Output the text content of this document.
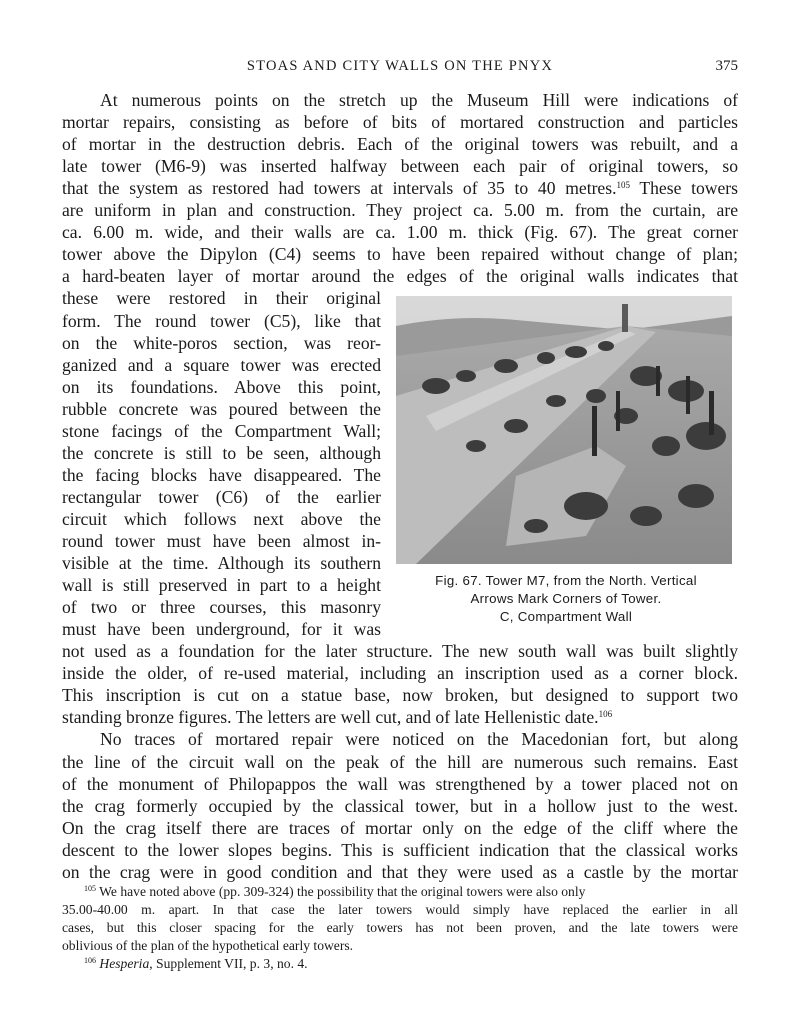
STOAS AND CITY WALLS ON THE PNYX	375
At numerous points on the stretch up the Museum Hill were indications of
mortar repairs, consisting as before of bits of mortared construction and particles
of mortar in the destruction debris. Each of the original towers was rebuilt, and a
late tower (M6-9) was inserted halfway between each pair of original towers, so
that the system as restored had towers at intervals of 35 to 40 metres.$^{105}$ These towers
are uniform in plan and construction. They project ca. 5.00 m. from the curtain, are
ca. 6.00 m. wide, and their walls are ca. 1.00 m. thick (Fig. 67). The great corner
tower above the Dipylon (C4) seems to have been repaired without change of plan;
a hard-beaten layer of mortar around the edges of the original walls indicates that
these were restored in their original
form. The round tower (C5), like that
on the white-poros section, was reor-
ganized and a square tower was erected
on its foundations. Above this point,
rubble concrete was poured between the
stone facings of the Compartment Wall;
the concrete is still to be seen, although
the facing blocks have disappeared. The
rectangular tower (C6) of the earlier
circuit which follows next above the
round tower must have been almost in-
visible at the time. Although its southern
wall is still preserved in part to a height
of two or three courses, this masonry
must have been underground, for it was
not used as a foundation for the later structure. The new south wall was built slightly
inside the older, of re-used material, including an inscription used as a corner block.
This inscription is cut on a statue base, now broken, but designed to support two
standing bronze figures. The letters are well cut, and of late Hellenistic date.$^{106}$
No traces of mortared repair were noticed on the Macedonian fort, but along
the line of the circuit wall on the peak of the hill are numerous such remains. East
of the monument of Philopappos the wall was strengthened by a tower placed not on
the crag formerly occupied by the classical tower, but in a hollow just to the west.
On the crag itself there are traces of mortar only on the edge of the cliff where the
descent to the lower slopes begins. This is sufficient indication that the classical works
on the crag were in good condition and that they were used as a castle by the mortar
Fig. 67. Tower M7, from the North. Vertical
Arrows Mark Corners of Tower.
C, Compartment Wall
$^{105}$ We have noted above (pp. 309-324) the possibility that the original towers were also only
35.00-40.00 m. apart. In that case the later towers would simply have replaced the earlier in all
cases, but this closer spacing for the early towers has not been proven, and the late towers were
oblivious of the plan of the hypothetical early towers.
$^{106}$ Hesperia, Supplement VII, p. 3, no. 4.
